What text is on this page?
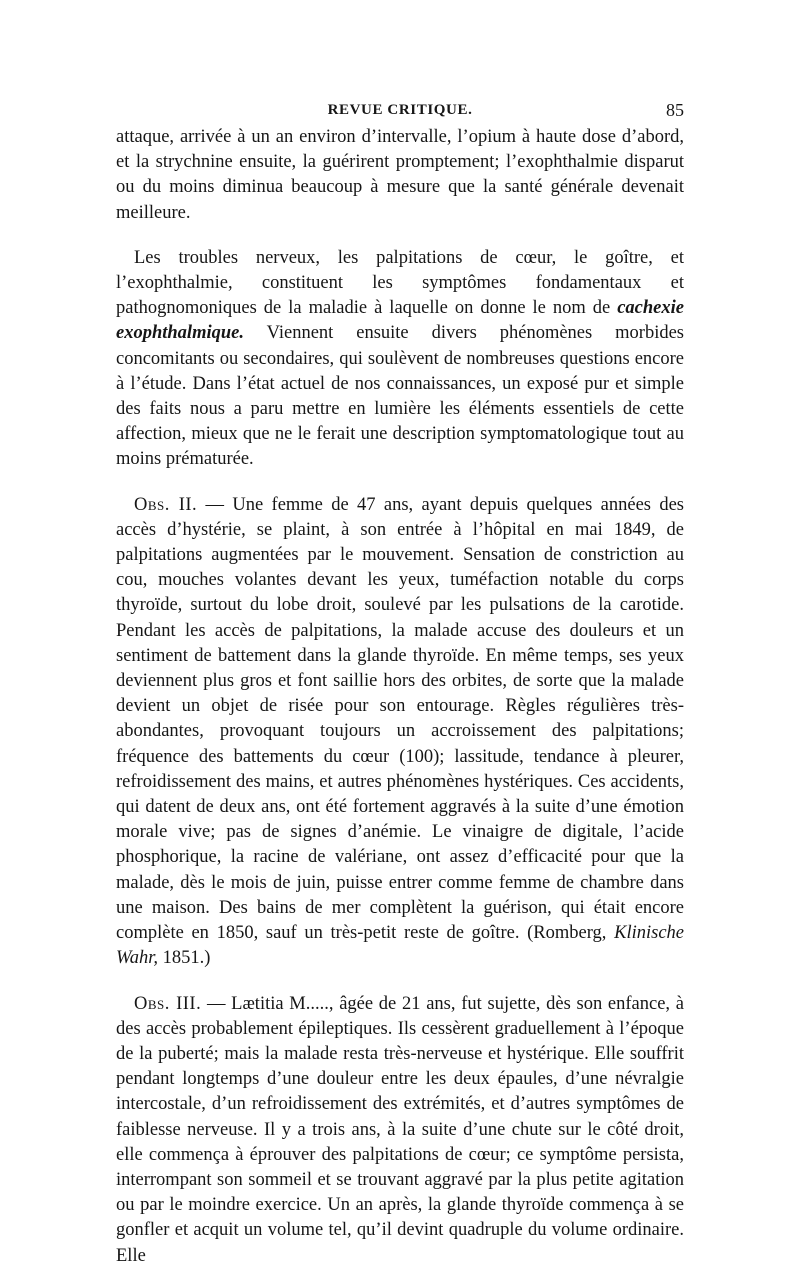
REVUE CRITIQUE.	85

attaque, arrivée à un an environ d’intervalle, l’opium à haute dose d’abord, et la strychnine ensuite, la guérirent promptement; l’exophthalmie disparut ou du moins diminua beaucoup à mesure que la santé générale devenait meilleure.

Les troubles nerveux, les palpitations de cœur, le goître, et l’exophthalmie, constituent les symptômes fondamentaux et pathognomoniques de la maladie à laquelle on donne le nom de cachexie exophthalmique. Viennent ensuite divers phénomènes morbides concomitants ou secondaires, qui soulèvent de nombreuses questions encore à l’étude. Dans l’état actuel de nos connaissances, un exposé pur et simple des faits nous a paru mettre en lumière les éléments essentiels de cette affection, mieux que ne le ferait une description symptomatologique tout au moins prématurée.

Obs. II. — Une femme de 47 ans, ayant depuis quelques années des accès d’hystérie, se plaint, à son entrée à l’hôpital en mai 1849, de palpitations augmentées par le mouvement. Sensation de constriction au cou, mouches volantes devant les yeux, tuméfaction notable du corps thyroïde, surtout du lobe droit, soulevé par les pulsations de la carotide. Pendant les accès de palpitations, la malade accuse des douleurs et un sentiment de battement dans la glande thyroïde. En même temps, ses yeux deviennent plus gros et font saillie hors des orbites, de sorte que la malade devient un objet de risée pour son entourage. Règles régulières très-abondantes, provoquant toujours un accroissement des palpitations; fréquence des battements du cœur (100); lassitude, tendance à pleurer, refroidissement des mains, et autres phénomènes hystériques. Ces accidents, qui datent de deux ans, ont été fortement aggravés à la suite d’une émotion morale vive; pas de signes d’anémie. Le vinaigre de digitale, l’acide phosphorique, la racine de valériane, ont assez d’efficacité pour que la malade, dès le mois de juin, puisse entrer comme femme de chambre dans une maison. Des bains de mer complètent la guérison, qui était encore complète en 1850, sauf un très-petit reste de goître. (Romberg, Klinische Wahr, 1851.)

Obs. III. — Lætitia M....., âgée de 21 ans, fut sujette, dès son enfance, à des accès probablement épileptiques. Ils cessèrent graduellement à l’époque de la puberté; mais la malade resta très-nerveuse et hystérique. Elle souffrit pendant longtemps d’une douleur entre les deux épaules, d’une névralgie intercostale, d’un refroidissement des extrémités, et d’autres symptômes de faiblesse nerveuse. Il y a trois ans, à la suite d’une chute sur le côté droit, elle commença à éprouver des palpitations de cœur; ce symptôme persista, interrompant son sommeil et se trouvant aggravé par la plus petite agitation ou par le moindre exercice. Un an après, la glande thyroïde commença à se gonfler et acquit un volume tel, qu’il devint quadruple du volume ordinaire. Elle
